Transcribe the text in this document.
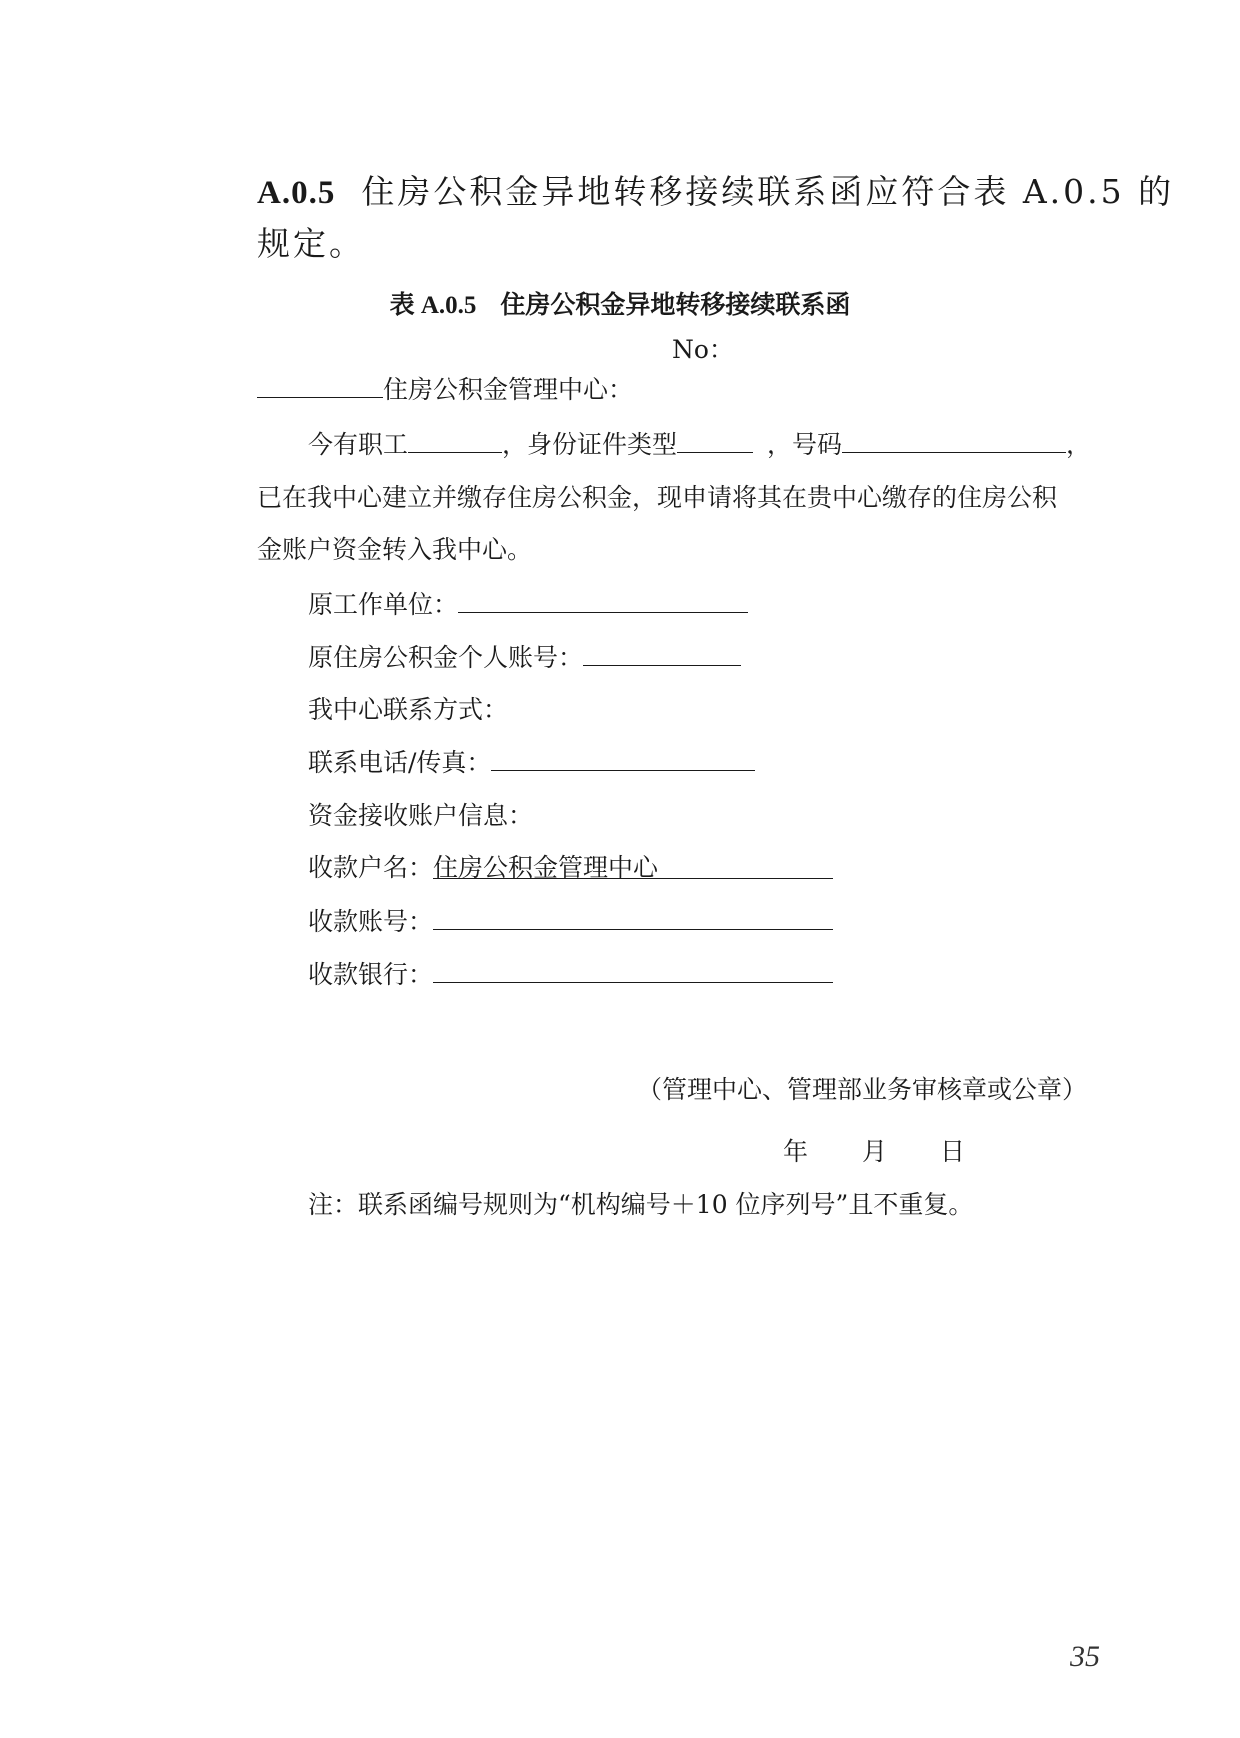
A.0.5 住房公积金异地转移接续联系函应符合表 A.0.5 的
规定。
表 A.0.5 住房公积金异地转移接续联系函
No：
住房公积金管理中心：
今有职工	，身份证件类型	，号码	，
已在我中心建立并缴存住房公积金，现申请将其在贵中心缴存的住房公积
金账户资金转入我中心。
原工作单位：
原住房公积金个人账号：
我中心联系方式：
联系电话/传真：
资金接收账户信息：
收款户名：住房公积金管理中心
收款账号：
收款银行：
（管理中心、管理部业务审核章或公章）
年 月 日
注：联系函编号规则为“机构编号＋10 位序列号”且不重复。
35
